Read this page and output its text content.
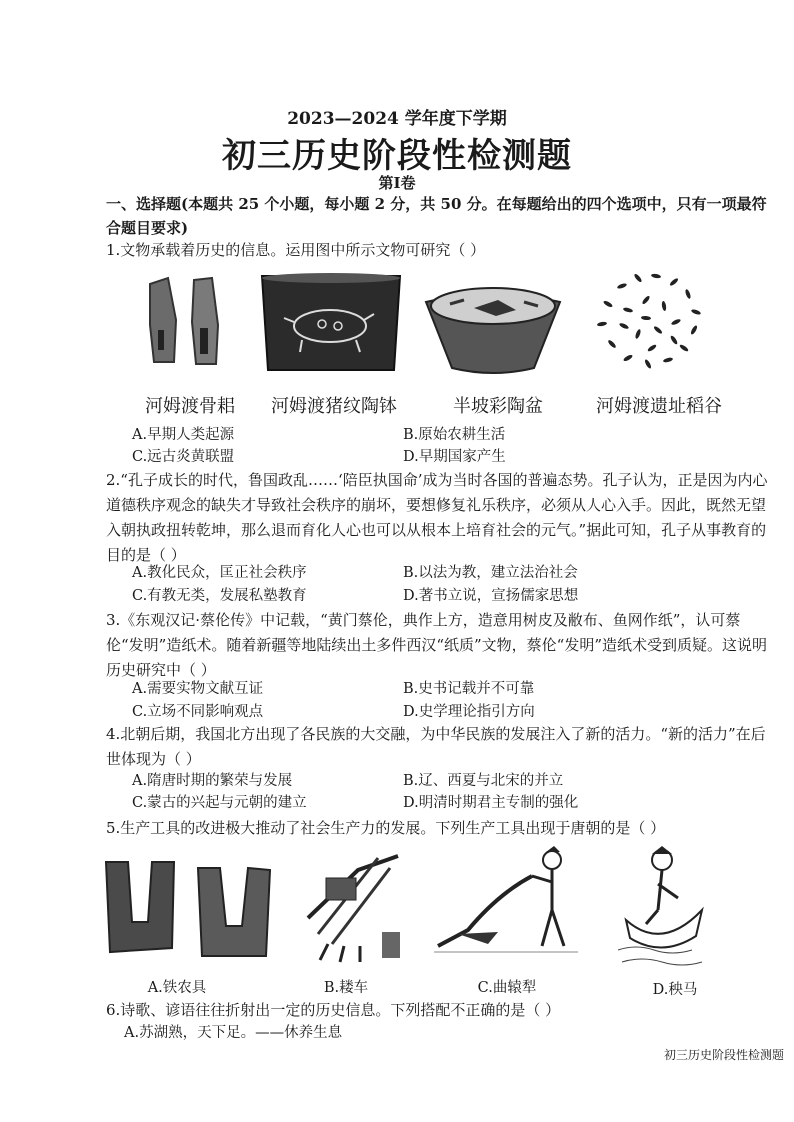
2023—2024 学年度下学期
初三历史阶段性检测题
第Ⅰ卷
一、选择题(本题共 25 个小题，每小题 2 分，共 50 分。在每题给出的四个选项中，只有一项最符合题目要求)
1.文物承载着历史的信息。运用图中所示文物可研究（ ）
河姆渡骨耜	河姆渡猪纹陶钵	半坡彩陶盆	河姆渡遗址稻谷
A.早期人类起源	B.原始农耕生活
C.远古炎黄联盟	D.早期国家产生
2.“孔子成长的时代，鲁国政乱……‘陪臣执国命’成为当时各国的普遍态势。孔子认为，正是因为内心道德秩序观念的缺失才导致社会秩序的崩坏，要想修复礼乐秩序，必须从人心入手。因此，既然无望入朝执政扭转乾坤，那么退而育化人心也可以从根本上培育社会的元气。”据此可知，孔子从事教育的目的是（ ）
A.教化民众，匡正社会秩序	B.以法为教，建立法治社会
C.有教无类，发展私塾教育	D.著书立说，宣扬儒家思想
3.《东观汉记·蔡伦传》中记载，“黄门蔡伦，典作上方，造意用树皮及敝布、鱼网作纸”，认可蔡伦“发明”造纸术。随着新疆等地陆续出土多件西汉“纸质”文物，蔡伦“发明”造纸术受到质疑。这说明历史研究中（ ）
A.需要实物文献互证	B.史书记载并不可靠
C.立场不同影响观点	D.史学理论指引方向
4.北朝后期，我国北方出现了各民族的大交融，为中华民族的发展注入了新的活力。“新的活力”在后世体现为（ ）
A.隋唐时期的繁荣与发展	B.辽、西夏与北宋的并立
C.蒙古的兴起与元朝的建立	D.明清时期君主专制的强化
5.生产工具的改进极大推动了社会生产力的发展。下列生产工具出现于唐朝的是（ ）
A.铁农具	B.耧车	C.曲辕犁	D.秧马
6.诗歌、谚语往往折射出一定的历史信息。下列搭配不正确的是（ ）
A.苏湖熟，天下足。——休养生息
初三历史阶段性检测题
